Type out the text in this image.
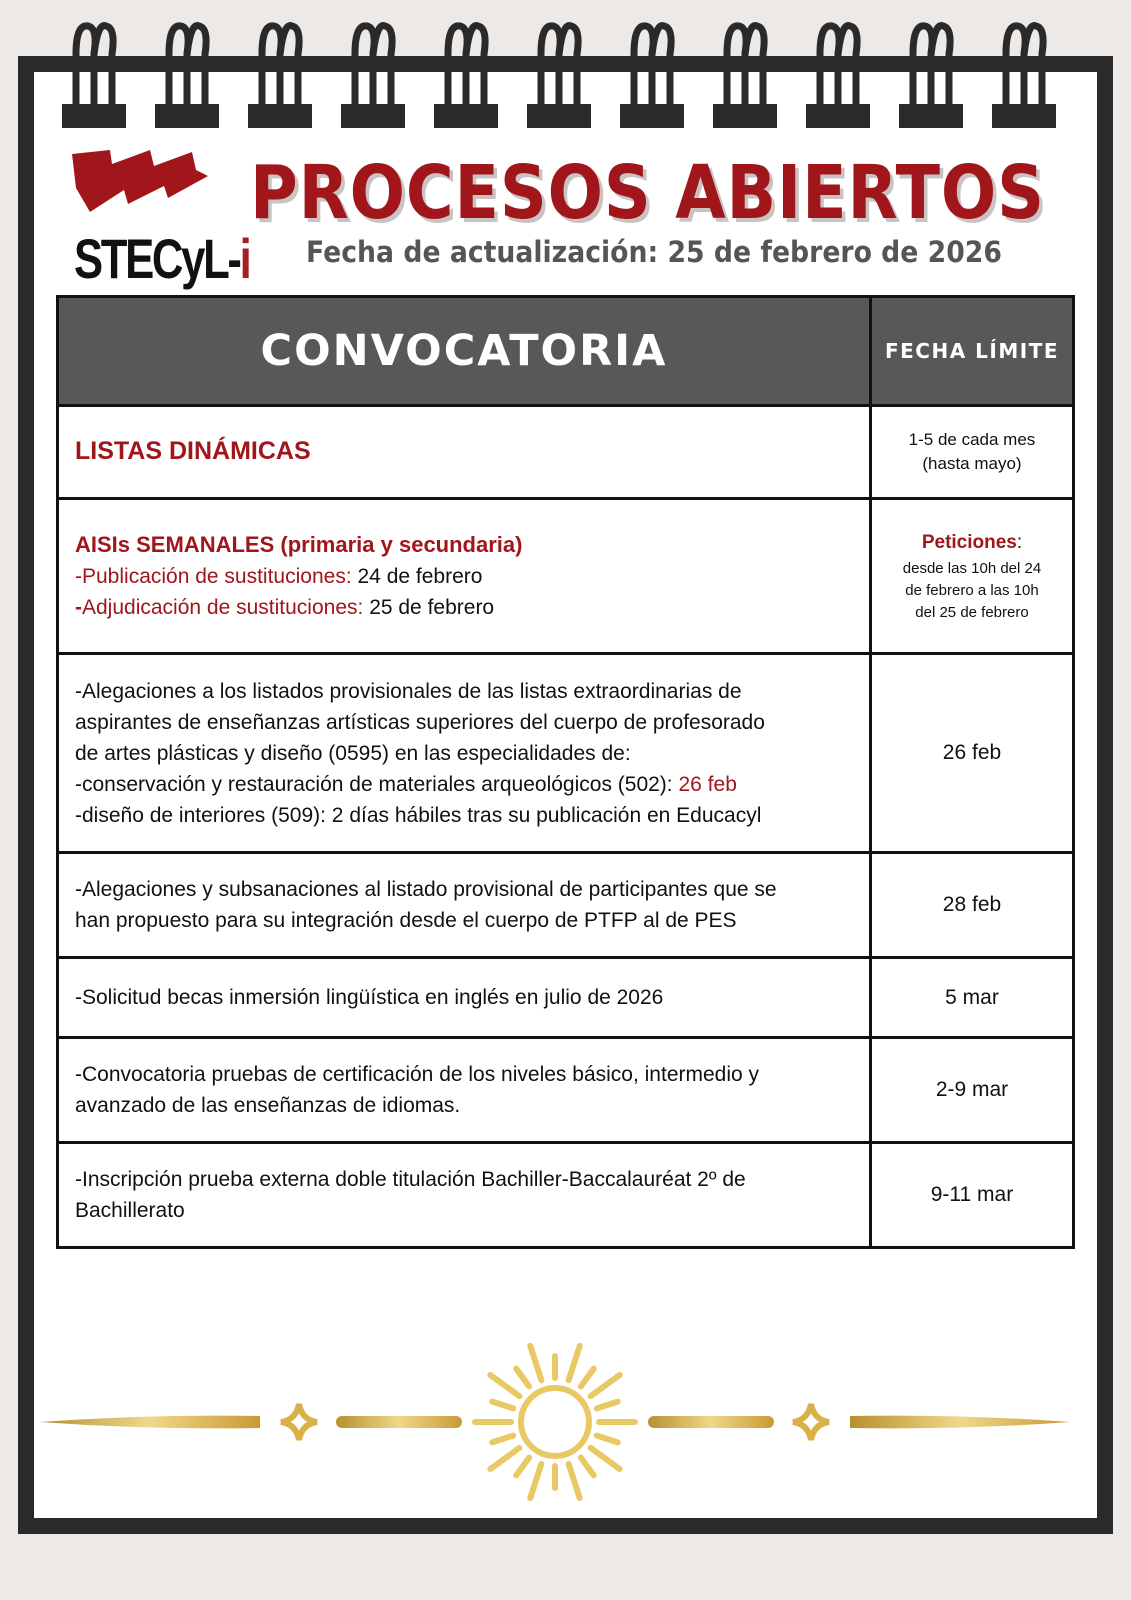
STECyL-i

PROCESOS ABIERTOS

Fecha de actualización: 25 de febrero de 2026

CONVOCATORIA	FECHA LÍMITE
LISTAS DINÁMICAS	1-5 de cada mes
(hasta mayo)
AISIs SEMANALES (primaria y secundaria)
-Publicación de sustituciones: 24 de febrero
-Adjudicación de sustituciones: 25 de febrero	Peticiones:
desde las 10h del 24
de febrero a las 10h
del 25 de febrero
-Alegaciones a los listados provisionales de las listas extraordinarias de
aspirantes de enseñanzas artísticas superiores del cuerpo de profesorado
de artes plásticas y diseño (0595) en las especialidades de:
-conservación y restauración de materiales arqueológicos (502): 26 feb
-diseño de interiores (509): 2 días hábiles tras su publicación en Educacyl	26 feb
-Alegaciones y subsanaciones al listado provisional de participantes que se
han propuesto para su integración desde el cuerpo de PTFP al de PES	28 feb
-Solicitud becas inmersión lingüística en inglés en julio de 2026	5 mar
-Convocatoria pruebas de certificación de los niveles básico, intermedio y
avanzado de las enseñanzas de idiomas.	2-9 mar
-Inscripción prueba externa doble titulación Bachiller-Baccalauréat 2º de
Bachillerato	9-11 mar
